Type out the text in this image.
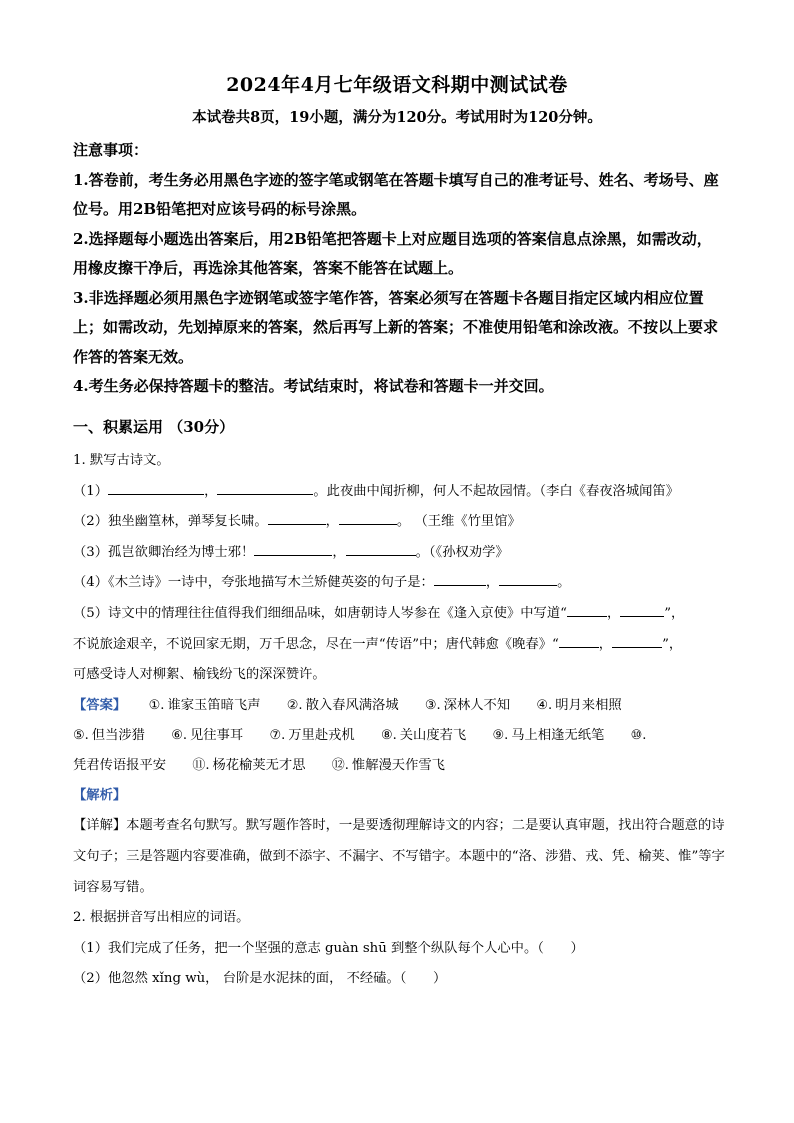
2024年4月七年级语文科期中测试试卷
本试卷共8页，19小题，满分为120分。考试用时为120分钟。

注意事项：

1.答卷前，考生务必用黑色字迹的签字笔或钢笔在答题卡填写自己的准考证号、姓名、考场号、座位号。用2B铅笔把对应该号码的标号涂黑。

2.选择题每小题选出答案后，用2B铅笔把答题卡上对应题目选项的答案信息点涂黑，如需改动，用橡皮擦干净后，再选涂其他答案，答案不能答在试题上。

3.非选择题必须用黑色字迹钢笔或签字笔作答，答案必须写在答题卡各题目指定区域内相应位置上；如需改动，先划掉原来的答案，然后再写上新的答案；不准使用铅笔和涂改液。不按以上要求作答的答案无效。

4.考生务必保持答题卡的整洁。考试结束时，将试卷和答题卡一并交回。

一、积累运用 （30分）

1. 默写古诗文。

（1）	，	。此夜曲中闻折柳，何人不起故园情。（李白《春夜洛城闻笛》

（2）独坐幽篁林，弹琴复长啸。	，	。 （王维《竹里馆》

（3）孤岂欲卿治经为博士邪！	，	。（《孙权劝学》

（4）《木兰诗》一诗中，夸张地描写木兰矫健英姿的句子是：	，	。

（5）诗文中的情理往往值得我们细细品味，如唐朝诗人岑参在《逢入京使》中写道“	，	”，

不说旅途艰辛，不说回家无期，万千思念，尽在一声“传语”中；唐代韩愈《晚春》“	，	”，

可感受诗人对柳絮、榆钱纷飞的深深赞许。

【答案】 ①. 谁家玉笛暗飞声 ②. 散入春风满洛城 ③. 深林人不知 ④. 明月来相照
⑤. 但当涉猎 ⑥. 见往事耳 ⑦. 万里赴戎机 ⑧. 关山度若飞 ⑨. 马上相逢无纸笔 ⑩.
凭君传语报平安 ⑪. 杨花榆荚无才思 ⑫. 惟解漫天作雪飞

【解析】

【详解】本题考查名句默写。默写题作答时，一是要透彻理解诗文的内容；二是要认真审题，找出符合题意的诗文句子；三是答题内容要准确，做到不添字、不漏字、不写错字。本题中的“洛、涉猎、戎、凭、榆荚、惟”等字词容易写错。

2. 根据拼音写出相应的词语。

（1）我们完成了任务，把一个坚强的意志 guàn shū 到整个纵队每个人心中。（　　）

（2）他忽然 xǐng wù， 台阶是水泥抹的面， 不经磕。（　　）
